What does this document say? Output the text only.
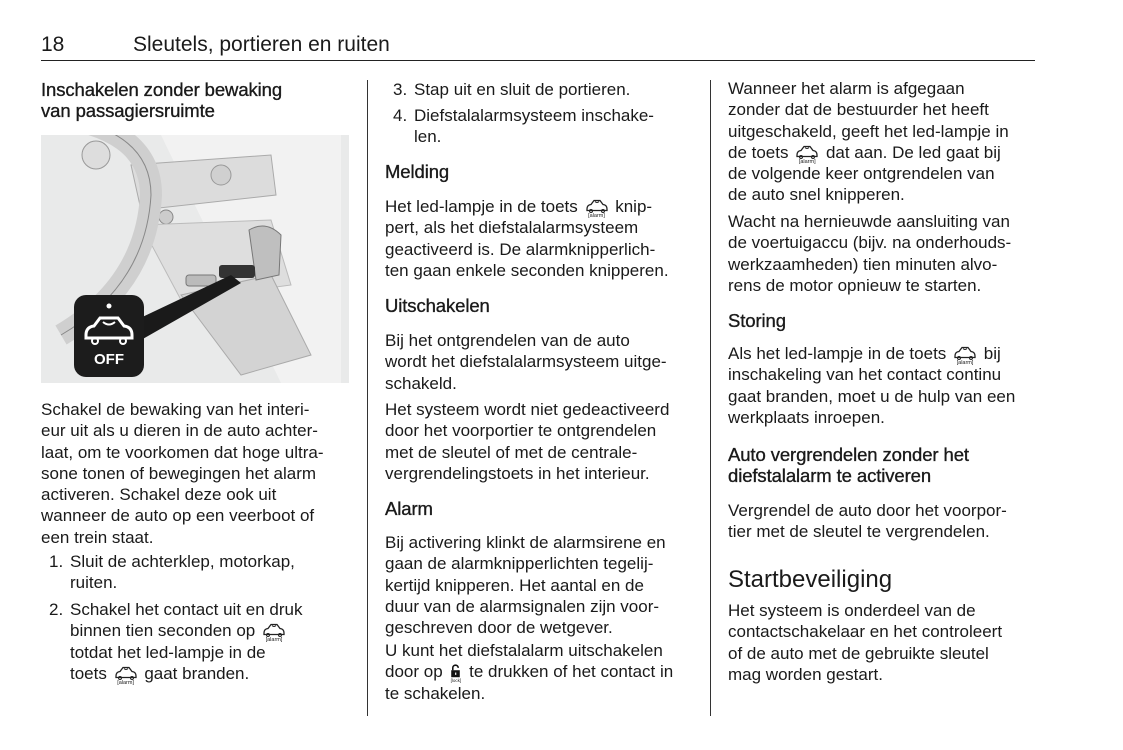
18	Sleutels, portieren en ruiten
OFF
Inschakelen zonder bewaking
van passagiersruimte
Schakel de bewaking van het interi-
eur uit als u dieren in de auto achter-
laat, om te voorkomen dat hoge ultra-
sone tonen of bewegingen het alarm
activeren. Schakel deze ook uit
wanneer de auto op een veerboot of
een trein staat.
1. Sluit de achterklep, motorkap,
ruiten.
2. Schakel het contact uit en druk
binnen tien seconden op	[alarm]
totdat het led-lampje in de
toets	[alarm] gaat branden.
3. Stap uit en sluit de portieren.
4. Diefstalalarmsysteem inschake-
len.
Melding
Het led-lampje in de toets	[alarm] knip-
pert, als het diefstalalarmsysteem
geactiveerd is. De alarmknipperlich-
ten gaan enkele seconden knipperen.
Uitschakelen
Bij het ontgrendelen van de auto
wordt het diefstalalarmsysteem uitge-
schakeld.
Het systeem wordt niet gedeactiveerd
door het voorportier te ontgrendelen
met de sleutel of met de centrale-
vergrendelingstoets in het interieur.
Alarm
Bij activering klinkt de alarmsirene en
gaan de alarmknipperlichten tegelij-
kertijd knipperen. Het aantal en de
duur van de alarmsignalen zijn voor-
geschreven door de wetgever.
U kunt het diefstalalarm uitschakelen
door op [lock] te drukken of het contact in
te schakelen.
Wanneer het alarm is afgegaan
zonder dat de bestuurder het heeft
uitgeschakeld, geeft het led-lampje in
de toets	[alarm] dat aan. De led gaat bij
de volgende keer ontgrendelen van
de auto snel knipperen.
Wacht na hernieuwde aansluiting van
de voertuigaccu (bijv. na onderhouds-
werkzaamheden) tien minuten alvo-
rens de motor opnieuw te starten.
Storing
Als het led-lampje in de toets	[alarm] bij
inschakeling van het contact continu
gaat branden, moet u de hulp van een
werkplaats inroepen.
Auto vergrendelen zonder het
diefstalalarm te activeren
Vergrendel de auto door het voorpor-
tier met de sleutel te vergrendelen.
Startbeveiliging
Het systeem is onderdeel van de
contactschakelaar en het controleert
of de auto met de gebruikte sleutel
mag worden gestart.
